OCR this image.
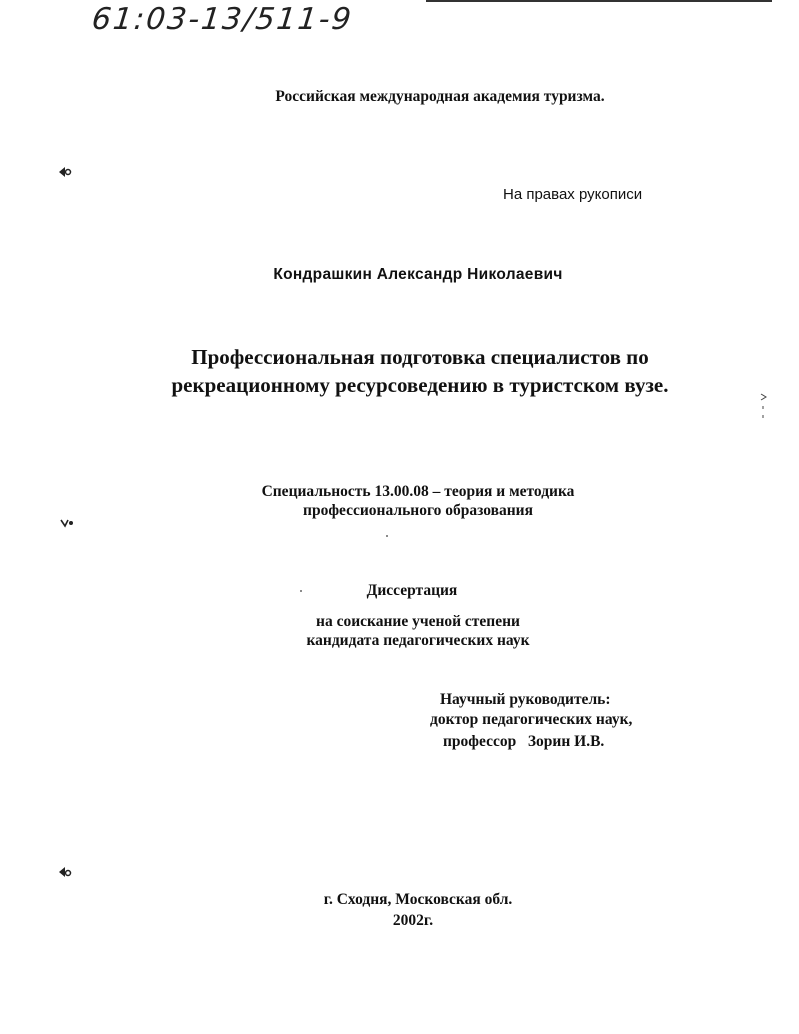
61:03-13/511-9
Российская международная академия туризма.
На правах рукописи
Кондрашкин Александр Николаевич
Профессиональная подготовка специалистов по
рекреационному ресурсоведению в туристском вузе.
Специальность 13.00.08 – теория и методика
профессионального образования
Диссертация
на соискание ученой степени
кандидата педагогических наук
Научный руководитель:
доктор педагогических наук,
профессор   Зорин И.В.
г. Сходня, Московская обл.
2002г.
